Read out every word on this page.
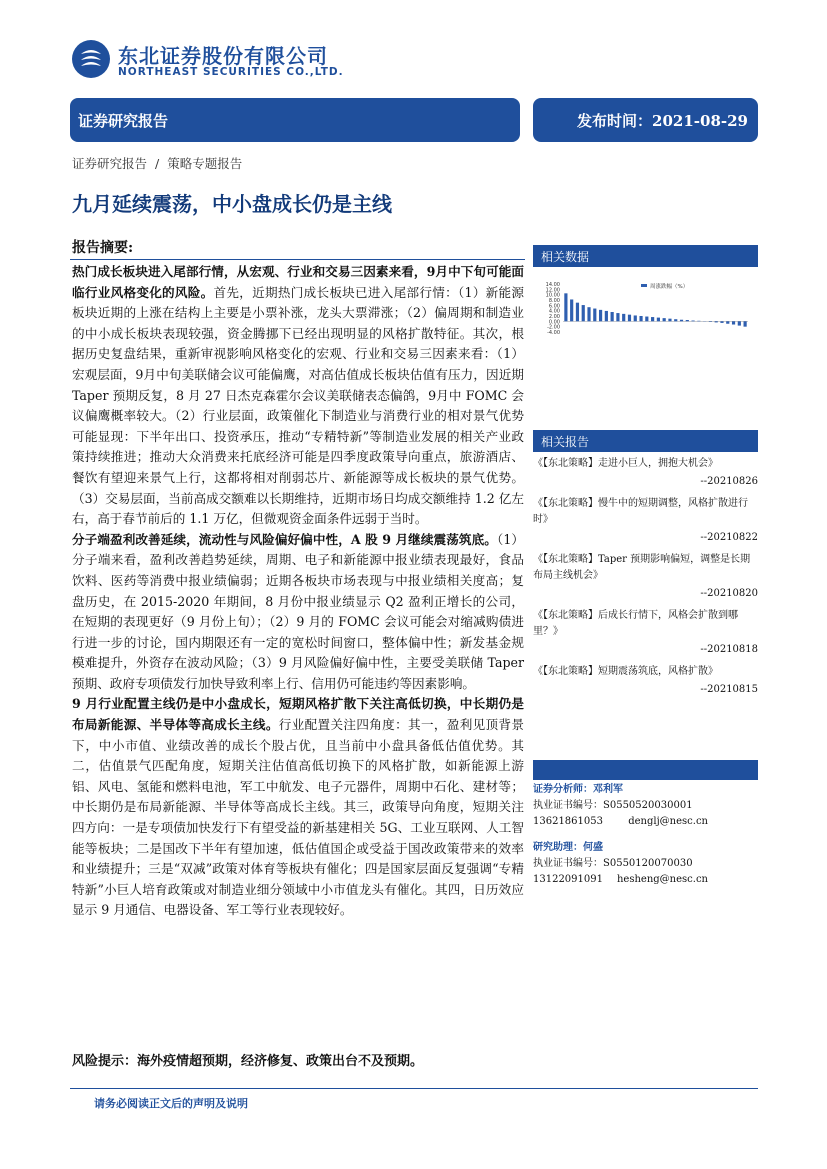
东北证券股份有限公司
NORTHEAST SECURITIES CO.,LTD.
证券研究报告	发布时间：2021-08-29
证券研究报告 / 策略专题报告
九月延续震荡，中小盘成长仍是主线
报告摘要:

热门成长板块进入尾部行情，从宏观、行业和交易三因素来看，9月中下旬可能面临行业风格变化的风险。首先，近期热门成长板块已进入尾部行情：（1）新能源板块近期的上涨在结构上主要是小票补涨，龙头大票滞涨；（2）偏周期和制造业的中小成长板块表现较强，资金腾挪下已经出现明显的风格扩散特征。其次，根据历史复盘结果，重新审视影响风格变化的宏观、行业和交易三因素来看：（1）宏观层面，9月中旬美联储会议可能偏鹰，对高估值成长板块估值有压力，因近期 Taper 预期反复，8 月 27 日杰克森霍尔会议美联储表态偏鸽，9月中 FOMC 会议偏鹰概率较大。（2）行业层面，政策催化下制造业与消费行业的相对景气优势可能显现：下半年出口、投资承压，推动“专精特新”等制造业发展的相关产业政策持续推进；推动大众消费来托底经济可能是四季度政策导向重点，旅游酒店、餐饮有望迎来景气上行，这都将相对削弱芯片、新能源等成长板块的景气优势。（3）交易层面，当前高成交额难以长期维持，近期市场日均成交额维持 1.2 亿左右，高于春节前后的 1.1 万亿，但微观资金面条件远弱于当时。

分子端盈利改善延续，流动性与风险偏好偏中性，A 股 9 月继续震荡筑底。（1）分子端来看，盈利改善趋势延续，周期、电子和新能源中报业绩表现最好，食品饮料、医药等消费中报业绩偏弱；近期各板块市场表现与中报业绩相关度高；复盘历史，在 2015-2020 年期间，8 月份中报业绩显示 Q2 盈利正增长的公司，在短期的表现更好（9 月份上旬）；（2）9 月的 FOMC 会议可能会对缩减购债进行进一步的讨论，国内期限还有一定的宽松时间窗口，整体偏中性；新发基金规模难提升，外资存在波动风险；（3）9 月风险偏好偏中性，主要受美联储 Taper 预期、政府专项债发行加快导致利率上行、信用仍可能违约等因素影响。

9 月行业配置主线仍是中小盘成长，短期风格扩散下关注高低切换，中长期仍是布局新能源、半导体等高成长主线。行业配置关注四角度：其一，盈利见顶背景下，中小市值、业绩改善的成长个股占优，且当前中小盘具备低估值优势。其二，估值景气匹配角度，短期关注估值高低切换下的风格扩散，如新能源上游铝、风电、氢能和燃料电池，军工中航发、电子元器件，周期中石化、建材等；中长期仍是布局新能源、半导体等高成长主线。其三，政策导向角度，短期关注四方向：一是专项债加快发行下有望受益的新基建相关 5G、工业互联网、人工智能等板块；二是国改下半年有望加速，低估值国企或受益于国改政策带来的效率和业绩提升；三是“双减”政策对体育等板块有催化；四是国家层面反复强调“专精特新”小巨人培育政策或对制造业细分领域中小市值龙头有催化。其四，日历效应显示 9 月通信、电器设备、军工等行业表现较好。

风险提示：海外疫情超预期，经济修复、政策出台不及预期。
相关数据
14.00
12.00
10.00
8.00
6.00
4.00
2.00
0.00
-2.00
-4.00
周涨跌幅（%）
相关报告

《【东北策略】走进小巨人，拥抱大机会》

--20210826

《【东北策略】慢牛中的短期调整，风格扩散进行时》

--20210822

《【东北策略】Taper 预期影响偏短，调整是长期布局主线机会》

--20210820

《【东北策略】后成长行情下，风格会扩散到哪里？》

--20210818

《【东北策略】短期震荡筑底，风格扩散》

--20210815

证券分析师：邓利军
执业证书编号：S0550520030001
13621861053	denglj@nesc.cn
研究助理：何盛
执业证书编号：S0550120070030
13122091091 hesheng@nesc.cn
请务必阅读正文后的声明及说明
